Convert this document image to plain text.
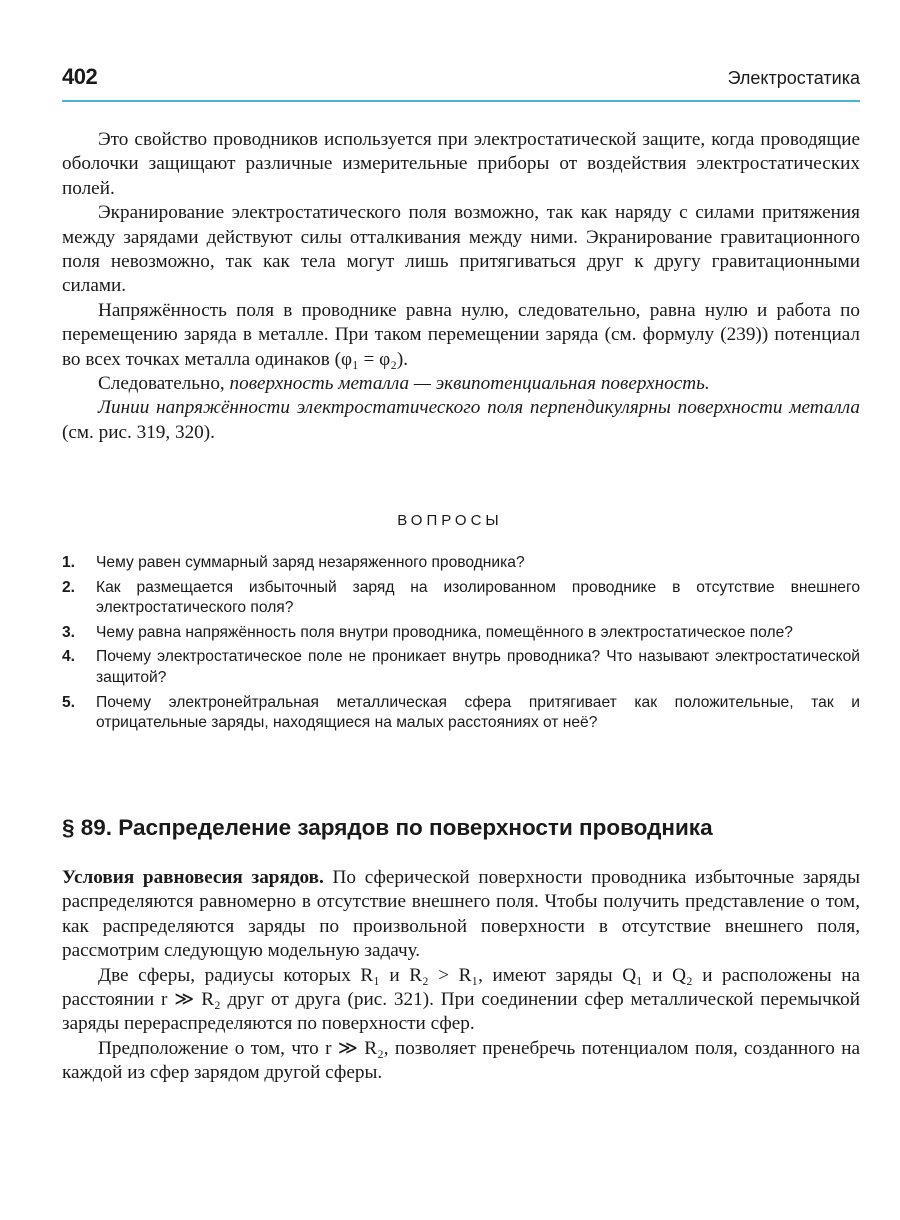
402	Электростатика

Это свойство проводников используется при электростатической защите, когда проводящие оболочки защищают различные измерительные приборы от воздействия электростатических полей.

Экранирование электростатического поля возможно, так как наряду с силами притяжения между зарядами действуют силы отталкивания между ними. Экранирование гравитационного поля невозможно, так как тела могут лишь притягиваться друг к другу гравитационными силами.

Напряжённость поля в проводнике равна нулю, следовательно, равна нулю и работа по перемещению заряда в металле. При таком перемещении заряда (см. формулу (239)) потенциал во всех точках металла одинаков (φ₁ = φ₂).

Следовательно, поверхность металла — эквипотенциальная поверхность.

Линии напряжённости электростатического поля перпендикулярны поверхности металла (см. рис. 319, 320).

ВОПРОСЫ
1. Чему равен суммарный заряд незаряженного проводника?
2. Как размещается избыточный заряд на изолированном проводнике в отсутствие внешнего электростатического поля?
3. Чему равна напряжённость поля внутри проводника, помещённого в электростатическое поле?
4. Почему электростатическое поле не проникает внутрь проводника? Что называют электростатической защитой?
5. Почему электронейтральная металлическая сфера притягивает как положительные, так и отрицательные заряды, находящиеся на малых расстояниях от неё?
§ 89. Распределение зарядов по поверхности проводника

Условия равновесия зарядов. По сферической поверхности проводника избыточные заряды распределяются равномерно в отсутствие внешнего поля. Чтобы получить представление о том, как распределяются заряды по произвольной поверхности в отсутствие внешнего поля, рассмотрим следующую модельную задачу.

Две сферы, радиусы которых R₁ и R₂ > R₁, имеют заряды Q₁ и Q₂ и расположены на расстоянии r ≫ R₂ друг от друга (рис. 321). При соединении сфер металлической перемычкой заряды перераспределяются по поверхности сфер.

Предположение о том, что r ≫ R₂, позволяет пренебречь потенциалом поля, созданного на каждой из сфер зарядом другой сферы.
